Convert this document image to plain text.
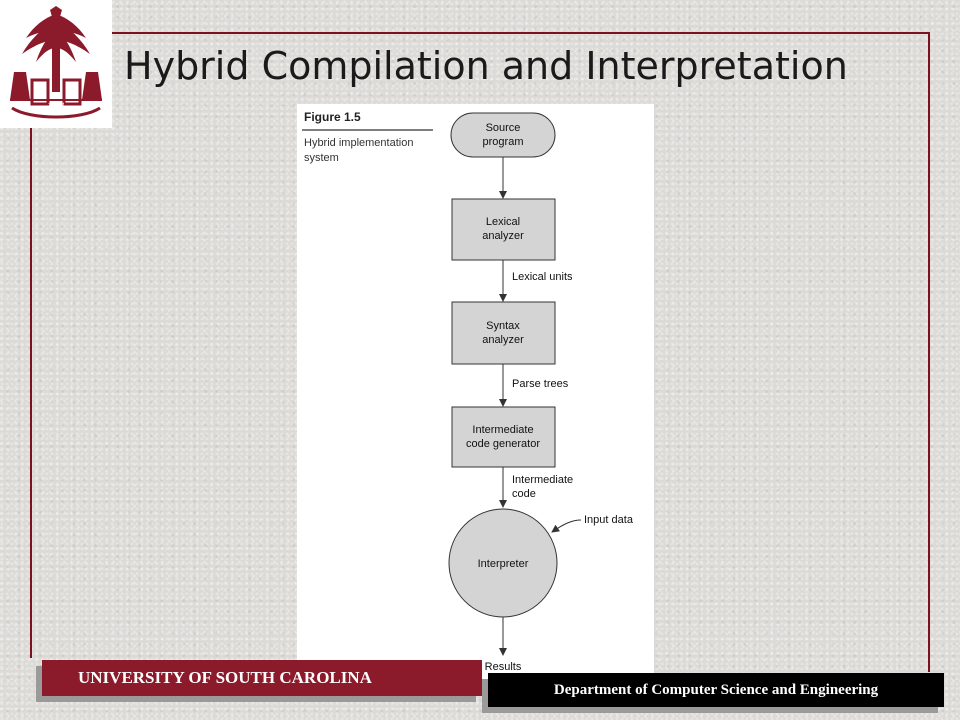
1801
Hybrid Compilation and Interpretation
Figure 1.5
Hybrid implementation
system
Source
program
Lexical
analyzer
Lexical units
Syntax
analyzer
Parse trees
Intermediate
code generator
Intermediate
code
Interpreter
Input data
Results
UNIVERSITY OF SOUTH CAROLINA
Department of Computer Science and Engineering
